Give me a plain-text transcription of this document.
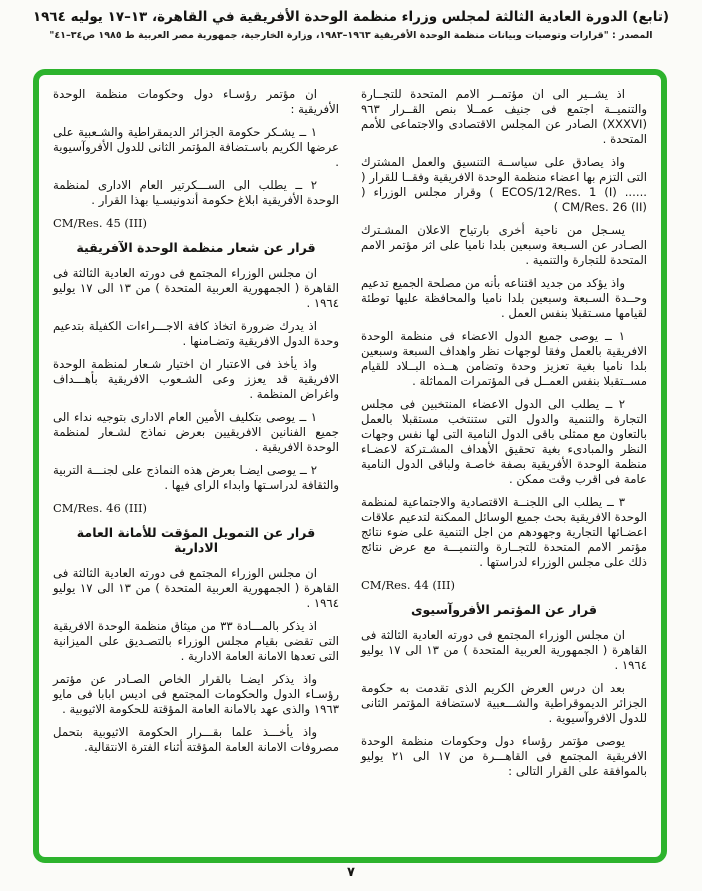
(تابع) الدورة العادية الثالثة لمجلس وزراء منظمة الوحدة الأفريقية في القاهرة، ١٣–١٧ يوليه ١٩٦٤
المصدر : "قرارات وتوصيات وبيانات منظمة الوحدة الأفريقية ١٩٦٣–١٩٨٣، وزارة الخارجية، جمهورية مصر العربية ط ١٩٨٥ ص٣٤–٤١"

اذ يشــير الى ان مؤتمــر الامم المتحدة للتجــارة والتنميــة اجتمع فى جنيف عمــلا بنص القــرار ٩٦٣ (XXXVI) الصادر عن المجلس الاقتصادى والاجتماعى للأمم المتحدة .

واذ يصادق على سياســة التنسيق والعمل المشترك التى التزم بها اعضاء منظمة الوحدة الافريقية وفقــا للقرار ( ...... ECOS/12/Res. 1 (I) ) وقرار مجلس الوزراء ( CM/Res. 26 (II) )

يسـجل من ناحية أخرى بارتياح الاعلان المشـترك الصـادر عن السـبعة وسبعين بلدا ناميا على اثر مؤتمر الامم المتحدة للتجارة والتنمية .

واذ يؤكد من جديد اقتناعه بأنه من مصلحة الجميع تدعيم وحــدة السـبعة وسبعين بلدا ناميا والمحافظة عليها توطئة لقيامها مسـتقبلا بنفس العمل .

١ ــ يوصى جميع الدول الاعضاء فى منظمة الوحدة الافريقية بالعمل وفقا لوجهات نظر واهداف السبعة وسبعين بلدا ناميا بغية تعزيز وحدة وتضامن هــذه البــلاد للقيام مســتقبلا بنفس العمــل فى المؤتمرات المماثلة .

٢ ــ يطلب الى الدول الاعضاء المنتخبين فى مجلس التجارة والتنمية والدول التى ستنتخب مستقبلا بالعمل بالتعاون مع ممثلى باقى الدول النامية التى لها نفس وجهات النظر والمبادىء بغية تحقيق الأهداف المشـتركة لاعضـاء منظمة الوحدة الأفريقية بصفة خاصـة ولباقى الدول النامية عامة فى اقرب وقت ممكن .

٣ ــ يطلب الى اللجنــة الاقتصادية والاجتماعية لمنظمة الوحدة الافريقية بحث جميع الوسائل الممكنة لتدعيم علاقات اعضـائها التجارية وجهودهم من اجل التنمية على ضوء نتائج مؤتمر الامم المتحدة للتجــارة والتنميـــة مع عرض نتائج ذلك على مجلس الوزراء لدراستها .

CM/Res. 44 (III)

قرار عن المؤتمر الأفروآسيوى

ان مجلس الوزراء المجتمع فى دورته العادية الثالثة فى القاهرة ( الجمهورية العربية المتحدة ) من ١٣ الى ١٧ يوليو ١٩٦٤ .

بعد ان درس العرض الكريم الذى تقدمت به حكومة الجزائر الديموقراطية والشـــعبية لاستضافة المؤتمر الثانى للدول الافروآسيوية .

يوصى مؤتمر رؤساء دول وحكومات منظمة الوحدة الافريقية المجتمع فى القاهـــرة من ١٧ الى ٢١ يوليو بالموافقة على القرار التالى :

ان مؤتمر رؤسـاء دول وحكومات منظمة الوحدة الأفريقية :

١ ــ يشـكر حكومة الجزائر الديمقراطية والشـعبية على عرضها الكريم باسـتضافة المؤتمر الثانى للدول الأفروآسيوية .

٢ ــ يطلب الى الســـكرتير العام الادارى لمنظمة الوحدة الأفريقية ابلاغ حكومة أندونيسـيا بهذا القرار .

CM/Res. 45 (III)

قرار عن شعار منظمة الوحدة الآفريقية

ان مجلس الوزراء المجتمع فى دورته العادية الثالثة فى القاهرة ( الجمهورية العربية المتحدة ) من ١٣ الى ١٧ يوليو ١٩٦٤ .

اذ يدرك ضرورة اتخاذ كافة الاجـــراءات الكفيلة بتدعيم وحدة الدول الافريقية وتضـامنها .

واذ يأخذ فى الاعتبار ان اختيار شـعار لمنظمة الوحدة الافريقية قد يعزز وعى الشـعوب الافريقية بأهـــداف واغراض المنظمة .

١ ــ يوصى بتكليف الأمين العام الادارى بتوجيه نداء الى جميع الفنانين الافريقيين بعرض نماذج لشـعار لمنظمة الوحدة الافريقية .

٢ ــ يوصى ايضـا بعرض هذه النماذج على لجنـــة التربية والثقافة لدراسـتها وابداء الراى فيها .

CM/Res. 46 (III)

قرار عن التمويل المؤقت للأمانة العامة الادارية

ان مجلس الوزراء المجتمع فى دورته العادية الثالثة فى القاهرة ( الجمهورية العربية المتحدة ) من ١٣ الى ١٧ يوليو ١٩٦٤ .

اذ يذكر بالمـــادة ٣٣ من ميثاق منظمة الوحدة الافريقية التى تقضى بقيام مجلس الوزراء بالتصـديق على الميزانية التى تعدها الامانة العامة الادارية .

واذ يذكر ايضـا بالقرار الخاص الصـادر عن مؤتمر رؤسـاء الدول والحكومات المجتمع فى اديس ابابا فى مايو ١٩٦٣ والذى عهد بالامانة العامة المؤقتة للحكومة الاثيوبية .

واذ يأخـــذ علما بقـــرار الحكومة الاثيوبية بتحمل مصروفات الامانة العامة المؤقتة أثناء الفترة الانتقالية.

٧
